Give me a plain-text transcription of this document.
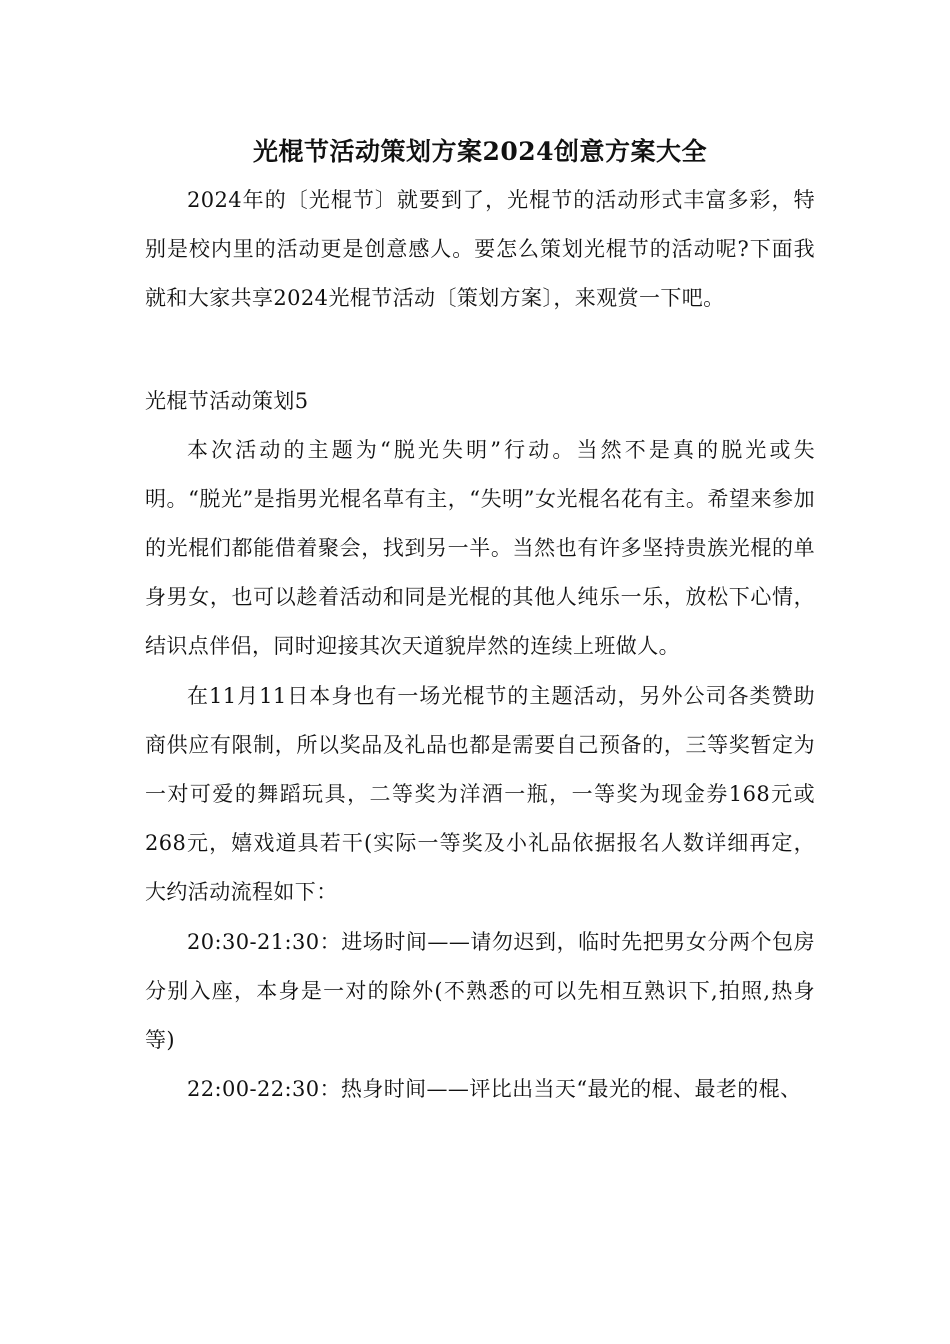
光棍节活动策划方案2024创意方案大全

2024年的〔光棍节〕就要到了，光棍节的活动形式丰富多彩，特别是校内里的活动更是创意感人。要怎么策划光棍节的活动呢?下面我就和大家共享2024光棍节活动〔策划方案〕，来观赏一下吧。

光棍节活动策划5

本次活动的主题为“脱光失明”行动。当然不是真的脱光或失明。“脱光”是指男光棍名草有主，“失明”女光棍名花有主。希望来参加的光棍们都能借着聚会，找到另一半。当然也有许多坚持贵族光棍的单身男女，也可以趁着活动和同是光棍的其他人纯乐一乐，放松下心情，结识点伴侣，同时迎接其次天道貌岸然的连续上班做人。

在11月11日本身也有一场光棍节的主题活动，另外公司各类赞助商供应有限制，所以奖品及礼品也都是需要自己预备的，三等奖暂定为一对可爱的舞蹈玩具，二等奖为洋酒一瓶，一等奖为现金券168元或268元，嬉戏道具若干(实际一等奖及小礼品依据报名人数详细再定，大约活动流程如下：

20:30-21:30：进场时间——请勿迟到，临时先把男女分两个包房分别入座，本身是一对的除外(不熟悉的可以先相互熟识下,拍照,热身等)

22:00-22:30：热身时间——评比出当天“最光的棍、最老的棍、
